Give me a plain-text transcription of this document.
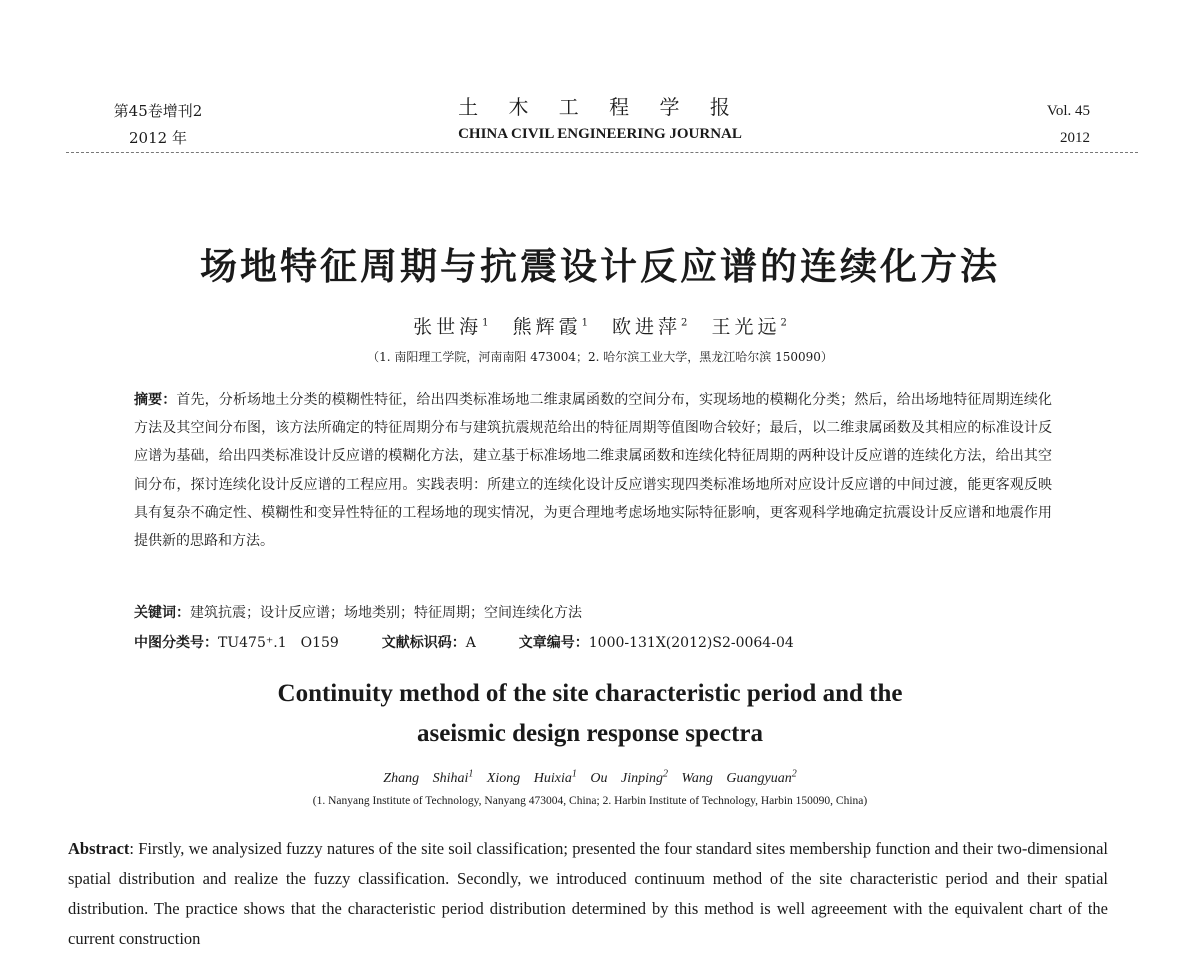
第45卷增刊2
2012 年
土 木 工 程 学 报
CHINA CIVIL ENGINEERING JOURNAL
Vol. 45
2012
场地特征周期与抗震设计反应谱的连续化方法
张世海$^1$ 熊辉霞$^1$ 欧进萍$^2$ 王光远$^2$
（1. 南阳理工学院，河南南阳 473004；2. 哈尔滨工业大学，黑龙江哈尔滨 150090）
摘要：首先，分析场地土分类的模糊性特征，给出四类标准场地二维隶属函数的空间分布，实现场地的模糊化分类；然后，给出场地特征周期连续化方法及其空间分布图，该方法所确定的特征周期分布与建筑抗震规范给出的特征周期等值图吻合较好；最后，以二维隶属函数及其相应的标准设计反应谱为基础，给出四类标准设计反应谱的模糊化方法，建立基于标准场地二维隶属函数和连续化特征周期的两种设计反应谱的连续化方法，给出其空间分布，探讨连续化设计反应谱的工程应用。实践表明：所建立的连续化设计反应谱实现四类标准场地所对应设计反应谱的中间过渡，能更客观反映具有复杂不确定性、模糊性和变异性特征的工程场地的现实情况，为更合理地考虑场地实际特征影响，更客观科学地确定抗震设计反应谱和地震作用提供新的思路和方法。
关键词：建筑抗震；设计反应谱；场地类别；特征周期；空间连续化方法
中图分类号：TU475⁺.1　O159	文献标识码：A	文章编号：1000-131X(2012)S2-0064-04
Continuity method of the site characteristic period and the
aseismic design response spectra
Zhang Shihai$^1$ Xiong Huixia$^1$ Ou Jinping$^2$ Wang Guangyuan$^2$
(1. Nanyang Institute of Technology, Nanyang 473004, China; 2. Harbin Institute of Technology, Harbin 150090, China)
Abstract: Firstly, we analysized fuzzy natures of the site soil classification; presented the four standard sites membership function and their two-dimensional spatial distribution and realize the fuzzy classification. Secondly, we introduced continuum method of the site characteristic period and their spatial distribution. The practice shows that the characteristic period distribution determined by this method is well agreeement with the equivalent chart of the current construction
